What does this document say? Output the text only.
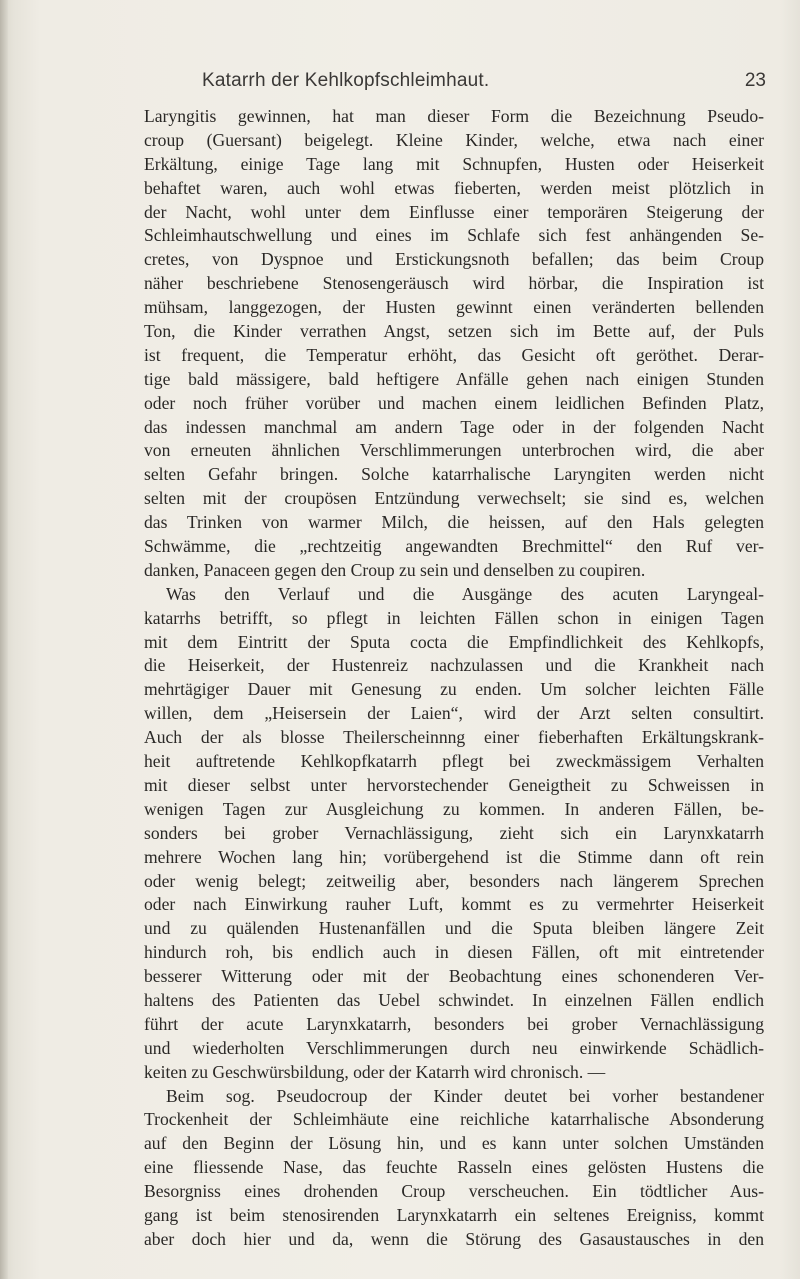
Katarrh der Kehlkopfschleimhaut.	23
Laryngitis gewinnen, hat man dieser Form die Bezeichnung Pseudo-
croup (Guersant) beigelegt. Kleine Kinder, welche, etwa nach einer
Erkältung, einige Tage lang mit Schnupfen, Husten oder Heiserkeit
behaftet waren, auch wohl etwas fieberten, werden meist plötzlich in
der Nacht, wohl unter dem Einflusse einer temporären Steigerung der
Schleimhautschwellung und eines im Schlafe sich fest anhängenden Se-
cretes, von Dyspnoe und Erstickungsnoth befallen; das beim Croup
näher beschriebene Stenosengeräusch wird hörbar, die Inspiration ist
mühsam, langgezogen, der Husten gewinnt einen veränderten bellenden
Ton, die Kinder verrathen Angst, setzen sich im Bette auf, der Puls
ist frequent, die Temperatur erhöht, das Gesicht oft geröthet. Derar-
tige bald mässigere, bald heftigere Anfälle gehen nach einigen Stunden
oder noch früher vorüber und machen einem leidlichen Befinden Platz,
das indessen manchmal am andern Tage oder in der folgenden Nacht
von erneuten ähnlichen Verschlimmerungen unterbrochen wird, die aber
selten Gefahr bringen. Solche katarrhalische Laryngiten werden nicht
selten mit der croupösen Entzündung verwechselt; sie sind es, welchen
das Trinken von warmer Milch, die heissen, auf den Hals gelegten
Schwämme, die „rechtzeitig angewandten Brechmittel“ den Ruf ver-
danken, Panaceen gegen den Croup zu sein und denselben zu coupiren.
Was den Verlauf und die Ausgänge des acuten Laryngeal-
katarrhs betrifft, so pflegt in leichten Fällen schon in einigen Tagen
mit dem Eintritt der Sputa cocta die Empfindlichkeit des Kehlkopfs,
die Heiserkeit, der Hustenreiz nachzulassen und die Krankheit nach
mehrtägiger Dauer mit Genesung zu enden. Um solcher leichten Fälle
willen, dem „Heisersein der Laien“, wird der Arzt selten consultirt.
Auch der als blosse Theilerscheinnng einer fieberhaften Erkältungskrank-
heit auftretende Kehlkopfkatarrh pflegt bei zweckmässigem Verhalten
mit dieser selbst unter hervorstechender Geneigtheit zu Schweissen in
wenigen Tagen zur Ausgleichung zu kommen. In anderen Fällen, be-
sonders bei grober Vernachlässigung, zieht sich ein Larynxkatarrh
mehrere Wochen lang hin; vorübergehend ist die Stimme dann oft rein
oder wenig belegt; zeitweilig aber, besonders nach längerem Sprechen
oder nach Einwirkung rauher Luft, kommt es zu vermehrter Heiserkeit
und zu quälenden Hustenanfällen und die Sputa bleiben längere Zeit
hindurch roh, bis endlich auch in diesen Fällen, oft mit eintretender
besserer Witterung oder mit der Beobachtung eines schonenderen Ver-
haltens des Patienten das Uebel schwindet. In einzelnen Fällen endlich
führt der acute Larynxkatarrh, besonders bei grober Vernachlässigung
und wiederholten Verschlimmerungen durch neu einwirkende Schädlich-
keiten zu Geschwürsbildung, oder der Katarrh wird chronisch. —
Beim sog. Pseudocroup der Kinder deutet bei vorher bestandener
Trockenheit der Schleimhäute eine reichliche katarrhalische Absonderung
auf den Beginn der Lösung hin, und es kann unter solchen Umständen
eine fliessende Nase, das feuchte Rasseln eines gelösten Hustens die
Besorgniss eines drohenden Croup verscheuchen. Ein tödtlicher Aus-
gang ist beim stenosirenden Larynxkatarrh ein seltenes Ereigniss, kommt
aber doch hier und da, wenn die Störung des Gasaustausches in den
